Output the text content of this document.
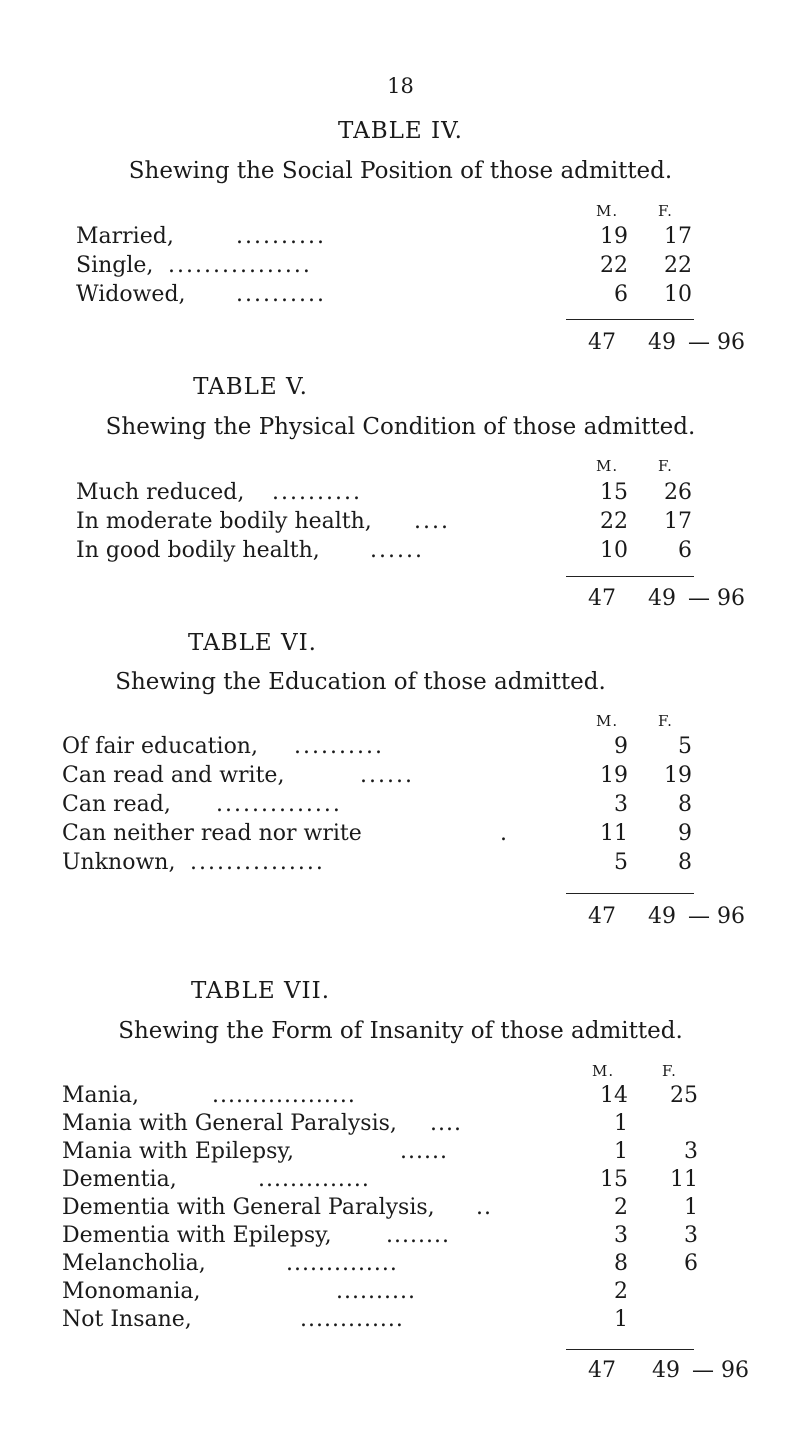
18
TABLE IV.
Shewing the Social Position of those admitted.
M.	F.
Married,	..........	19	17
Single, ................	22	22
Widowed, ..........	6	10
47 49 — 96
TABLE V.
Shewing the Physical Condition of those admitted.
M.	F.
Much reduced, ..........	15	26
In moderate bodily health, ....	22	17
In good bodily health, ......	10	6
47 49 — 96
TABLE VI.
Shewing the Education of those admitted.
M.	F.
Of fair education, ..........	9	5
Can read and write,	......	19	19
Can read, ..............	3	8
Can neither read nor write	.	11	9
Unknown, ...............	5	8
47 49 — 96
TABLE VII.
Shewing the Form of Insanity of those admitted.
M.	F.
Mania,	..................	14	25
Mania with General Paralysis, ....	1
Mania with Epilepsy,	......	1	3
Dementia,	..............	15	11
Dementia with General Paralysis, ..	2	1
Dementia with Epilepsy, ........	3	3
Melancholia,	..............	8	6
Monomania,	..........	2
Not Insane,	.............	1
47 49 — 96
